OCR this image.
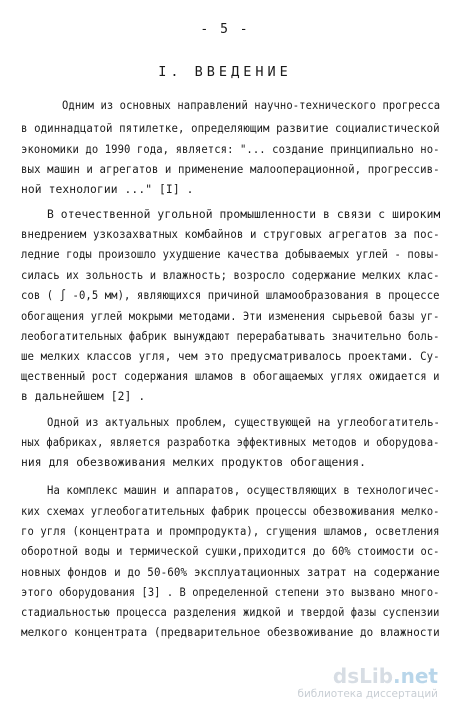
- 5 -
I. ВВЕДЕНИЕ
Одним из основных направлений научно-технического прогресса
в одиннадцатой пятилетке, определяющим развитие социалистической
экономики до 1990 года, является: "... создание принципиально но-
вых машин и агрегатов и применение малооперационной, прогрессив-
ной технологии ..." [I] .
В отечественной угольной промышленности в связи с широким
внедрением узкозахватных комбайнов и струговых агрегатов за пос-
ледние годы произошло ухудшение качества добываемых углей - повы-
силась их зольность и влажность; возросло содержание мелких клас-
сов ( ∫ -0,5 мм), являющихся причиной шламообразования в процессе
обогащения углей мокрыми методами. Эти изменения сырьевой базы уг-
леобогатительных фабрик вынуждают перерабатывать значительно боль-
ше мелких классов угля, чем это предусматривалось проектами. Су-
щественный рост содержания шламов в обогащаемых углях ожидается и
в дальнейшем [2] .
Одной из актуальных проблем, существующей на углеобогатитель-
ных фабриках, является разработка эффективных методов и оборудова-
ния для обезвоживания мелких продуктов обогащения.
На комплекс машин и аппаратов, осуществляющих в технологичес-
ких схемах углеобогатительных фабрик процессы обезвоживания мелко-
го угля (концентрата и промпродукта), сгущения шламов, осветления
оборотной воды и термической сушки,приходится до 60% стоимости ос-
новных фондов и до 50-60% эксплуатационных затрат на содержание
этого оборудования [3] . В определенной степени это вызвано много-
стадиальностью процесса разделения жидкой и твердой фазы суспензии
мелкого концентрата (предварительное обезвоживание до влажности
dsLib.net
библиотека диссертаций
